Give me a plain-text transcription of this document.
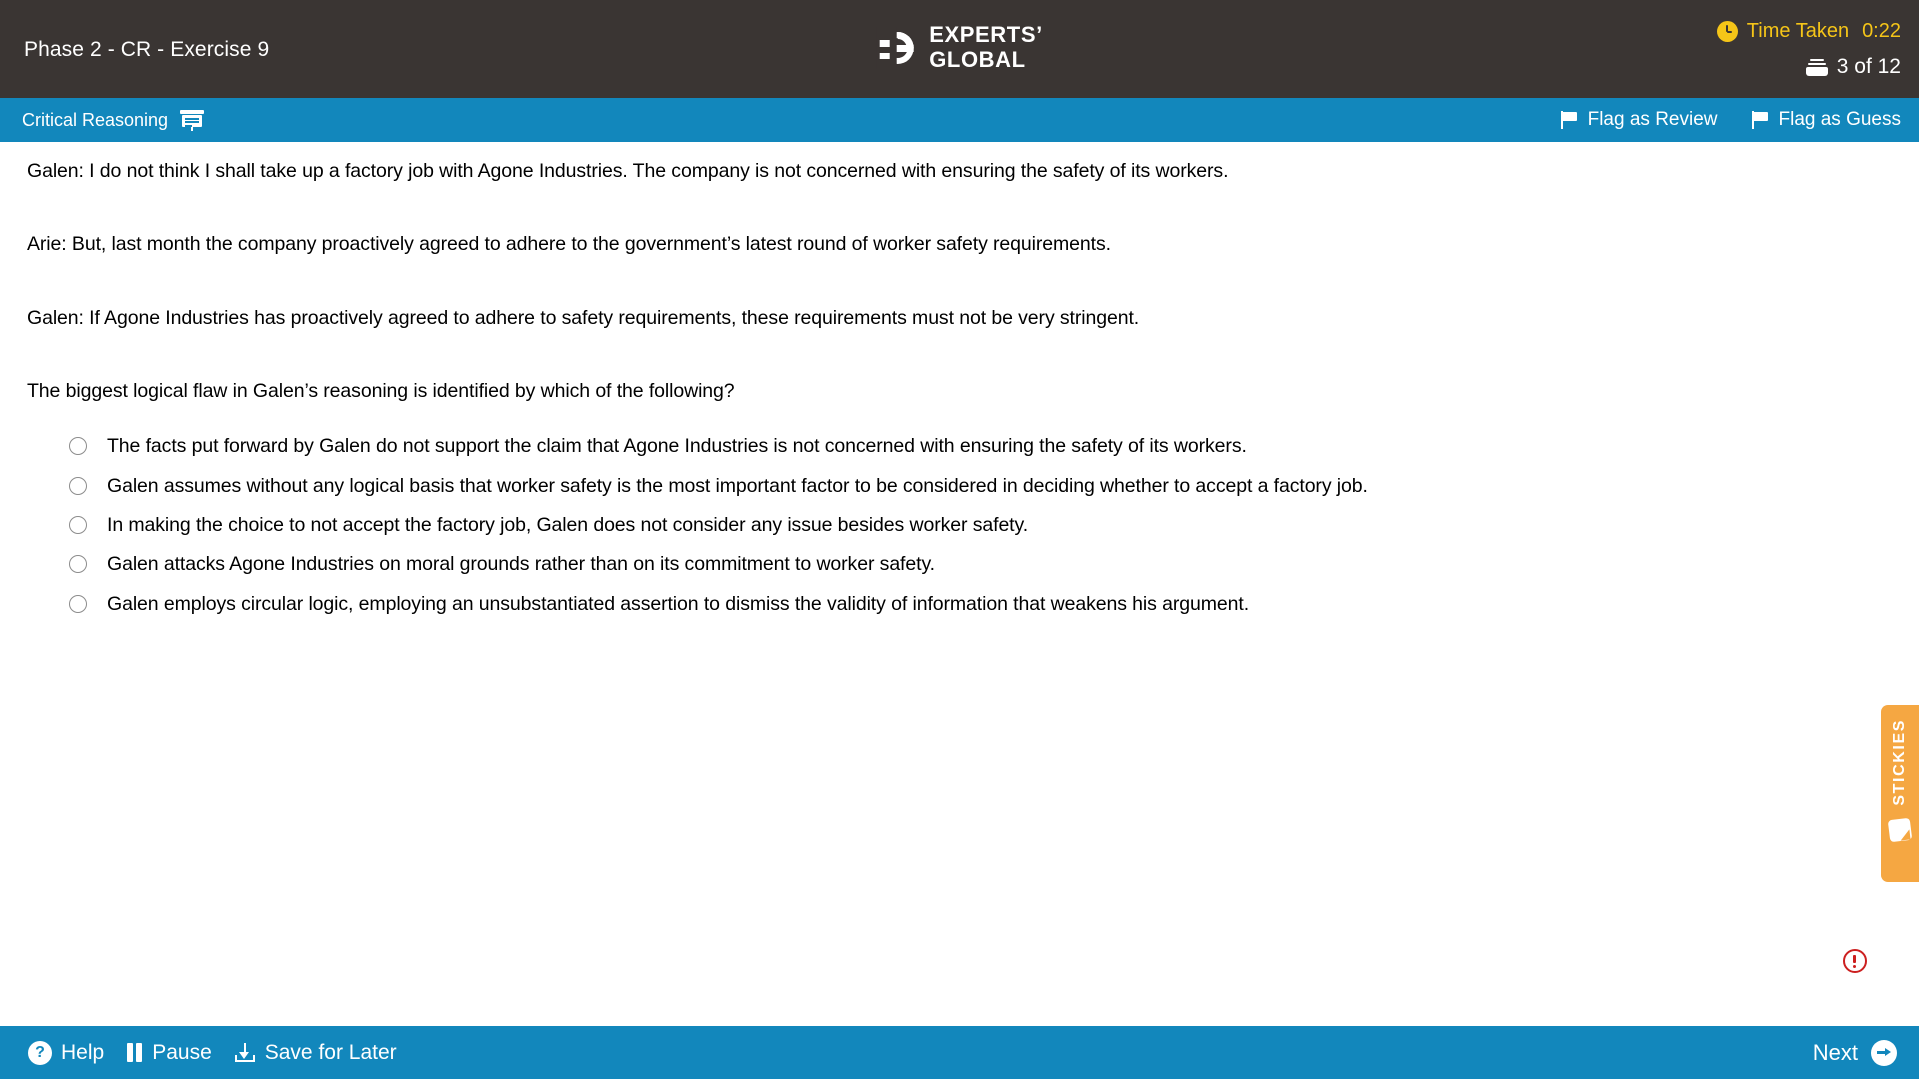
Phase 2 - CR - Exercise 9
EXPERTS’
GLOBAL
Time Taken 0:22
3 of 12
Critical Reasoning	Flag as Review	Flag as Guess
Galen: I do not think I shall take up a factory job with Agone Industries. The company is not concerned with ensuring the safety of its workers.
Arie: But, last month the company proactively agreed to adhere to the government’s latest round of worker safety requirements.
Galen: If Agone Industries has proactively agreed to adhere to safety requirements, these requirements must not be very stringent.
The biggest logical flaw in Galen’s reasoning is identified by which of the following?
The facts put forward by Galen do not support the claim that Agone Industries is not concerned with ensuring the safety of its workers.
Galen assumes without any logical basis that worker safety is the most important factor to be considered in deciding whether to accept a factory job.
In making the choice to not accept the factory job, Galen does not consider any issue besides worker safety.
Galen attacks Agone Industries on moral grounds rather than on its commitment to worker safety.
Galen employs circular logic, employing an unsubstantiated assertion to dismiss the validity of information that weakens his argument.
STICKIES
? Help Pause	Save for Later	Next
